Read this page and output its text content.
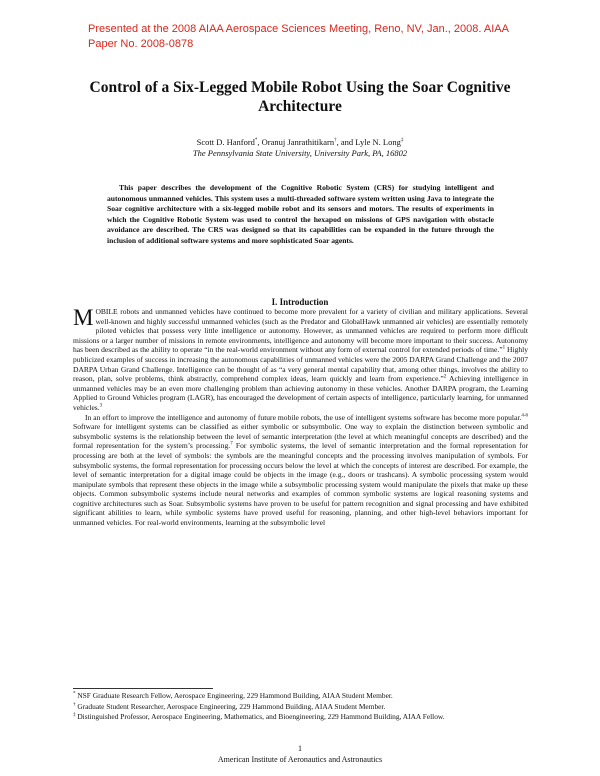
Presented at the 2008 AIAA Aerospace Sciences Meeting, Reno, NV, Jan., 2008. AIAA Paper No. 2008-0878
Control of a Six-Legged Mobile Robot Using the Soar Cognitive Architecture
Scott D. Hanford*, Oranuj Janrathitikarn†, and Lyle N. Long‡
The Pennsylvania State University, University Park, PA, 16802

This paper describes the development of the Cognitive Robotic System (CRS) for studying intelligent and autonomous unmanned vehicles. This system uses a multi-threaded software system written using Java to integrate the Soar cognitive architecture with a six-legged mobile robot and its sensors and motors. The results of experiments in which the Cognitive Robotic System was used to control the hexapod on missions of GPS navigation with obstacle avoidance are described. The CRS was designed so that its capabilities can be expanded in the future through the inclusion of additional software systems and more sophisticated Soar agents.

I. Introduction

MOBILE robots and unmanned vehicles have continued to become more prevalent for a variety of civilian and military applications. Several well-known and highly successful unmanned vehicles (such as the Predator and GlobalHawk unmanned air vehicles) are essentially remotely piloted vehicles that possess very little intelligence or autonomy. However, as unmanned vehicles are required to perform more difficult missions or a larger number of missions in remote environments, intelligence and autonomy will become more important to their success. Autonomy has been described as the ability to operate “in the real-world environment without any form of external control for extended periods of time.”$^1$ Highly publicized examples of success in increasing the autonomous capabilities of unmanned vehicles were the 2005 DARPA Grand Challenge and the 2007 DARPA Urban Grand Challenge. Intelligence can be thought of as “a very general mental capability that, among other things, involves the ability to reason, plan, solve problems, think abstractly, comprehend complex ideas, learn quickly and learn from experience.”$^2$ Achieving intelligence in unmanned vehicles may be an even more challenging problem than achieving autonomy in these vehicles. Another DARPA program, the Learning Applied to Ground Vehicles program (LAGR), has encouraged the development of certain aspects of intelligence, particularly learning, for unmanned vehicles.$^3$

In an effort to improve the intelligence and autonomy of future mobile robots, the use of intelligent systems software has become more popular.$^{4-6}$ Software for intelligent systems can be classified as either symbolic or subsymbolic. One way to explain the distinction between symbolic and subsymbolic systems is the relationship between the level of semantic interpretation (the level at which meaningful concepts are described) and the formal representation for the system’s processing.$^7$ For symbolic systems, the level of semantic interpretation and the formal representation for processing are both at the level of symbols: the symbols are the meaningful concepts and the processing involves manipulation of symbols. For subsymbolic systems, the formal representation for processing occurs below the level at which the concepts of interest are described. For example, the level of semantic interpretation for a digital image could be objects in the image (e.g., doors or trashcans). A symbolic processing system would manipulate symbols that represent these objects in the image while a subsymbolic processing system would manipulate the pixels that make up these objects. Common subsymbolic systems include neural networks and examples of common symbolic systems are logical reasoning systems and cognitive architectures such as Soar. Subsymbolic systems have proven to be useful for pattern recognition and signal processing and have exhibited significant abilities to learn, while symbolic systems have proved useful for reasoning, planning, and other high-level behaviors important for unmanned vehicles. For real-world environments, learning at the subsymbolic level

* NSF Graduate Research Fellow, Aerospace Engineering, 229 Hammond Building, AIAA Student Member.

† Graduate Student Researcher, Aerospace Engineering, 229 Hammond Building, AIAA Student Member.

‡ Distinguished Professor, Aerospace Engineering, Mathematics, and Bioengineering, 229 Hammond Building, AIAA Fellow.

1
American Institute of Aeronautics and Astronautics
